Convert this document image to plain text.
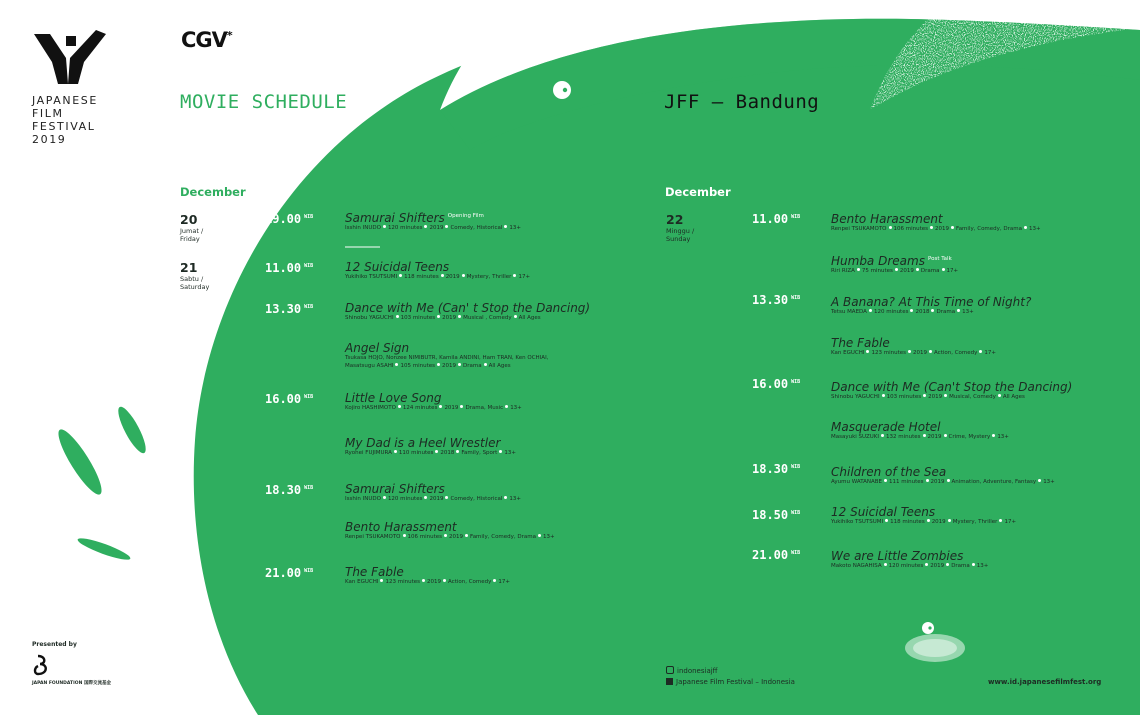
JAPANESE
FILM
FESTIVAL
2019
CGV*
MOVIE SCHEDULE	JFF – Bandung
December
20
Jumat /
Friday
21
Sabtu /
Saturday
19.00 $^{WIB}$
11.00 $^{WIB}$
13.30 $^{WIB}$
16.00 $^{WIB}$
18.30 $^{WIB}$
21.00 $^{WIB}$
Samurai Shifters $^{Opening Film}$
Isshin INUDO 120 minutes 2019 Comedy, Historical 13+
12 Suicidal Teens
Yukihiko TSUTSUMI 118 minutes 2019 Mystery, Thriller 17+
Dance with Me (Can' t Stop the Dancing)
Shinobu YAGUCHI 103 minutes 2019 Musical , Comedy All Ages
Angel Sign
Tsukasa HOJO, Nonzee NIMIBUTR, Kamila ANDINI, Ham TRAN, Ken OCHIAI,
Masatsugu ASAHI 105 minutes 2019 Drama All Ages
Little Love Song
Kojiro HASHIMOTO 124 minutes 2019 Drama, Music 13+
My Dad is a Heel Wrestler
Ryohei FUJIMURA 110 minutes 2018 Family, Sport 13+
Samurai Shifters
Isshin INUDO 120 minutes 2019 Comedy, Historical 13+
Bento Harassment
Renpei TSUKAMOTO 106 minutes 2019 Family, Comedy, Drama 13+
The Fable
Kan EGUCHI 123 minutes 2019 Action, Comedy 17+
December
22
Minggu /
Sunday
11.00 $^{WIB}$
13.30 $^{WIB}$
16.00 $^{WIB}$
18.30 $^{WIB}$
18.50 $^{WIB}$
21.00 $^{WIB}$
Bento Harassment
Renpei TSUKAMOTO 106 minutes 2019 Family, Comedy, Drama 13+
Humba Dreams $^{Post Talk}$
Riri RIZA 75 minutes 2019 Drama 17+
A Banana? At This Time of Night?
Tetsu MAEDA 120 minutes 2018 Drama 13+
The Fable
Kan EGUCHI 123 minutes 2019 Action, Comedy 17+
Dance with Me (Can't Stop the Dancing)
Shinobu YAGUCHI 103 minutes 2019 Musical, Comedy All Ages
Masquerade Hotel
Masayuki SUZUKI 132 minutes 2019 Crime, Mystery 13+
Children of the Sea
Ayumu WATANABE 111 minutes 2019 Animation, Adventure, Fantasy 13+
12 Suicidal Teens
Yukihiko TSUTSUMI 118 minutes 2019 Mystery, Thriller 17+
We are Little Zombies
Makoto NAGAHISA 120 minutes 2019 Drama 13+
Presented by
JAPAN FOUNDATION 国際交流基金
indonesiajff
Japanese Film Festival – Indonesia	www.id.japanesefilmfest.org
